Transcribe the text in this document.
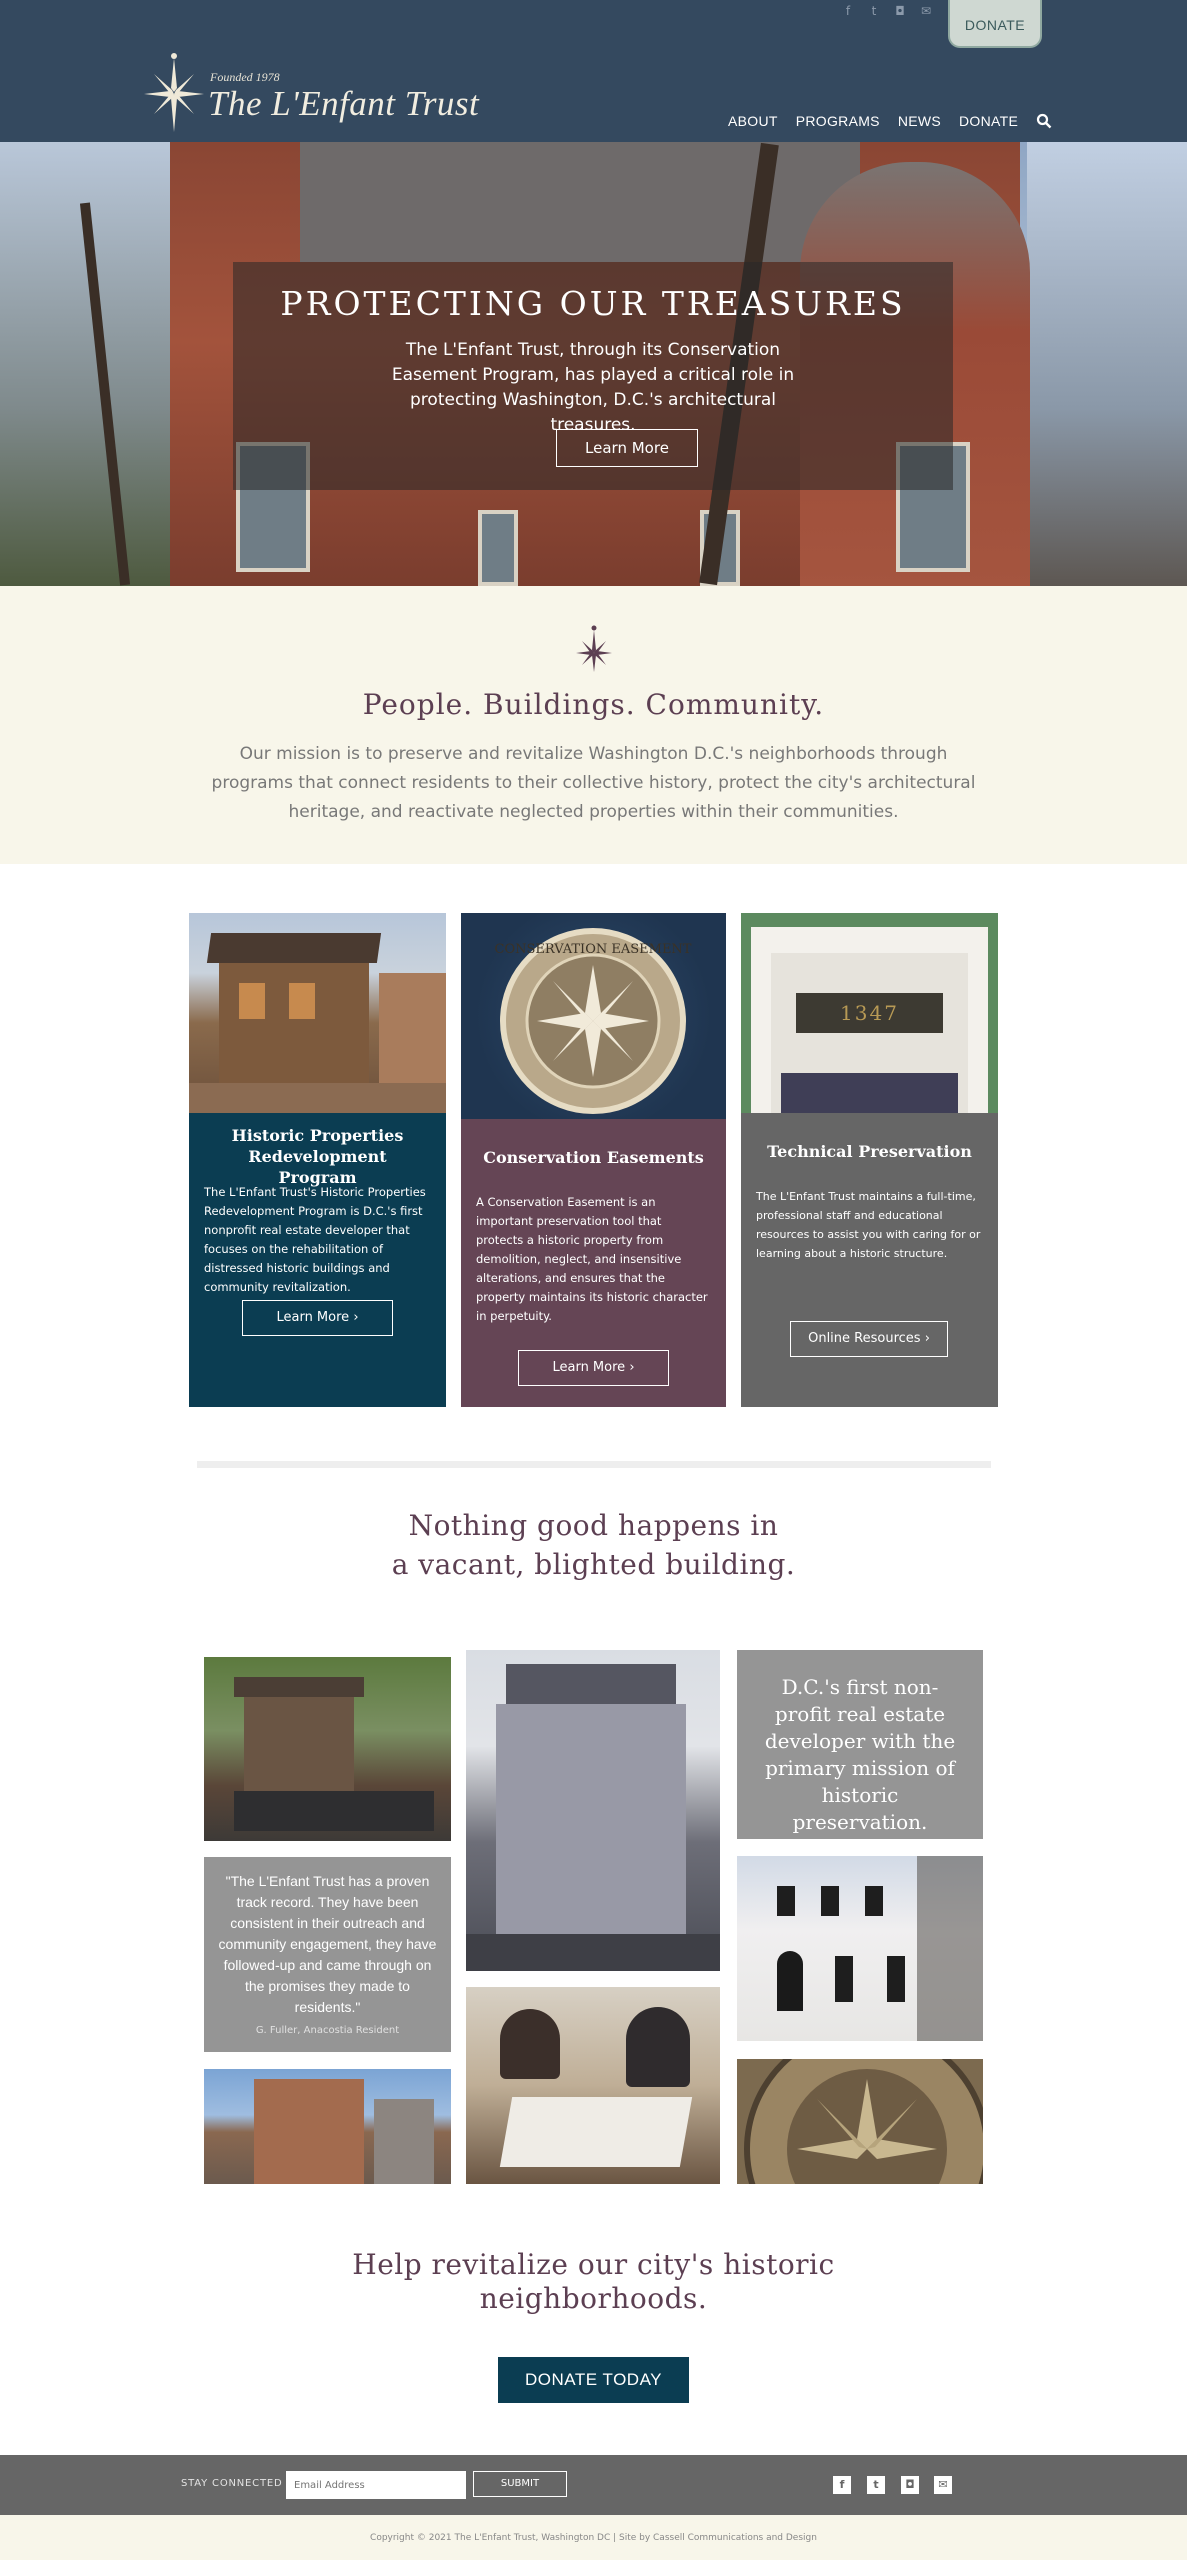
f	t	◘ ✉
DONATE
Founded 1978
The L'Enfant Trust	ABOUT PROGRAMS NEWS DONATE
PROTECTING OUR TREASURES
The L'Enfant Trust, through its Conservation Easement Program, has played a critical role in protecting Washington, D.C.'s architectural treasures.
Learn More
People. Buildings. Community.
Our mission is to preserve and revitalize Washington D.C.'s neighborhoods through programs that connect residents to their collective history, protect the city's architectural heritage, and reactivate neglected properties within their communities.
Historic Properties Redevelopment Program

The L'Enfant Trust's Historic Properties Redevelopment Program is D.C.'s first nonprofit real estate developer that focuses on the rehabilitation of distressed historic buildings and community revitalization.

Learn More ›
CONSERVATION EASEMENT
Conservation Easements

A Conservation Easement is an important preservation tool that protects a historic property from demolition, neglect, and insensitive alterations, and ensures that the property maintains its historic character in perpetuity.

Learn More ›
1347
Technical Preservation

The L'Enfant Trust maintains a full-time, professional staff and educational resources to assist you with caring for or learning about a historic structure.

Online Resources ›
Nothing good happens in
a vacant, blighted building.
"The L'Enfant Trust has a proven track record. They have been consistent in their outreach and community engagement, they have followed-up and came through on the promises they made to residents."
G. Fuller, Anacostia Resident
D.C.'s first non-profit real estate developer with the primary mission of historic preservation.
Help revitalize our city's historic
neighborhoods.
DONATE TODAY
STAY CONNECTED
Email Address	SUBMIT	f	t	◘	✉
Copyright © 2021 The L'Enfant Trust, Washington DC | Site by Cassell Communications and Design
